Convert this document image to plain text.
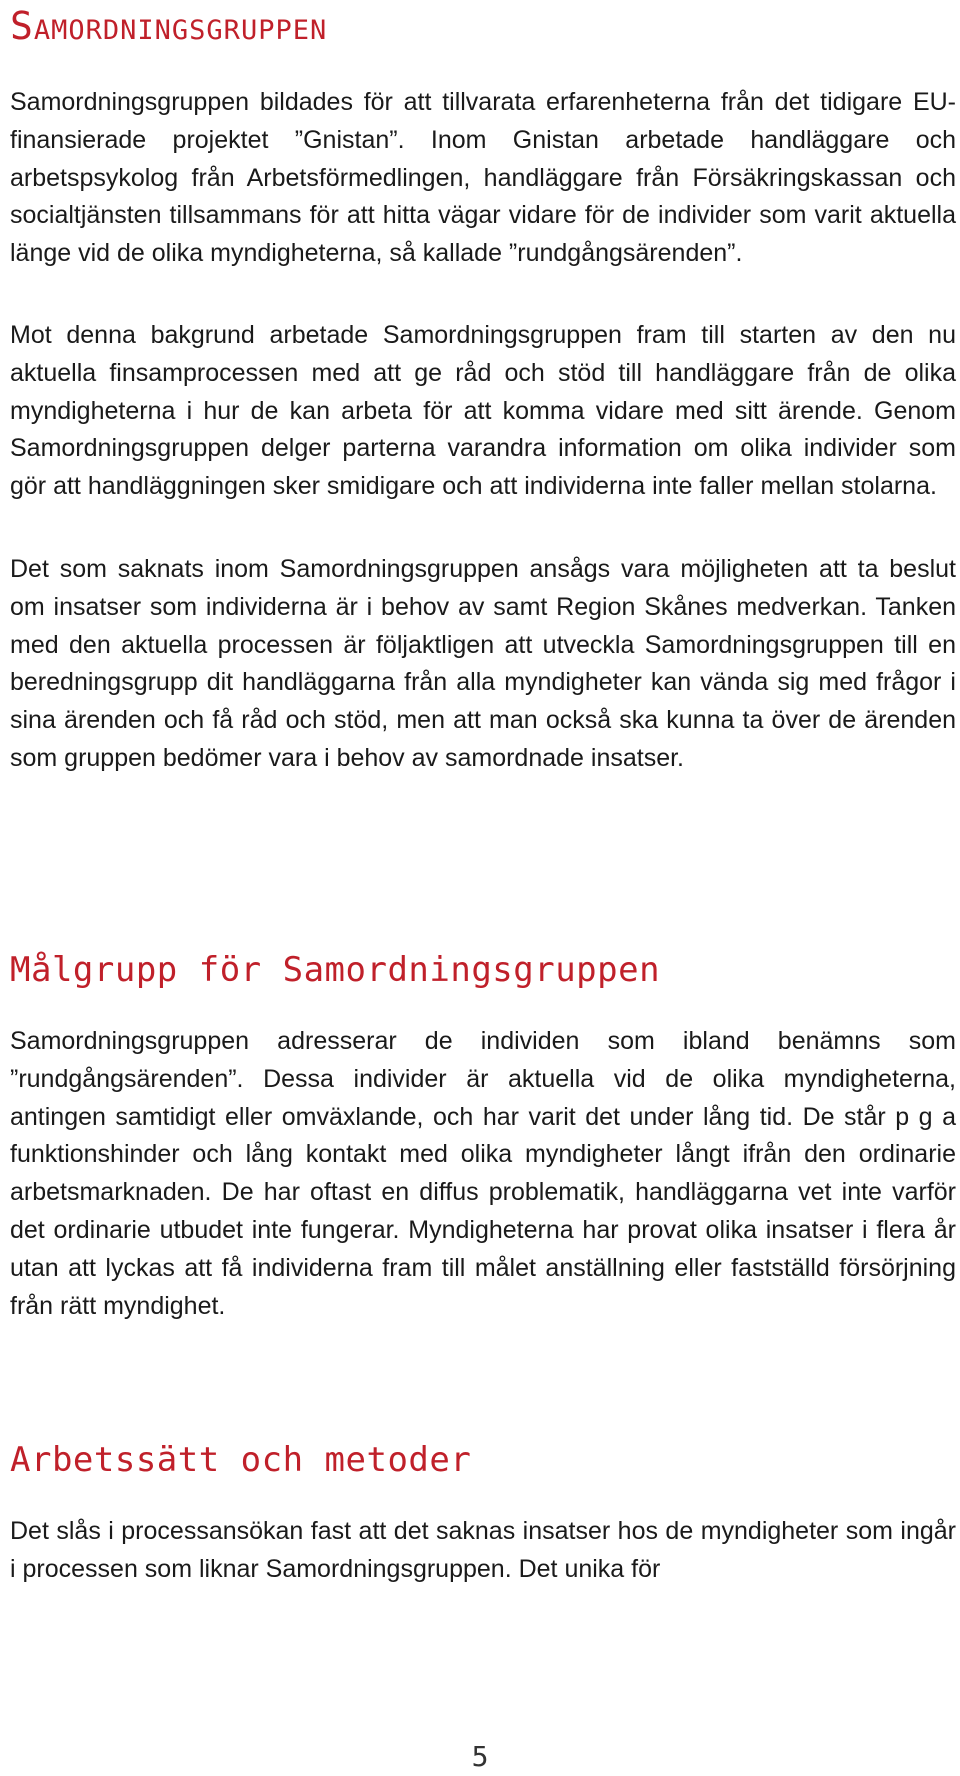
Samordningsgruppen

Samordningsgruppen bildades för att tillvarata erfarenheterna från det tidigare EU-finansierade projektet ”Gnistan”. Inom Gnistan arbetade handläggare och arbetspsykolog från Arbetsförmedlingen, handläggare från Försäkringskassan och socialtjänsten tillsammans för att hitta vägar vidare för de individer som varit aktuella länge vid de olika myndigheterna, så kallade ”rundgångsärenden”.

Mot denna bakgrund arbetade Samordningsgruppen fram till starten av den nu aktuella finsamprocessen med att ge råd och stöd till handläggare från de olika myndigheterna i hur de kan arbeta för att komma vidare med sitt ärende. Genom Samordningsgruppen delger parterna varandra information om olika individer som gör att handläggningen sker smidigare och att individerna inte faller mellan stolarna.

Det som saknats inom Samordningsgruppen ansågs vara möjligheten att ta beslut om insatser som individerna är i behov av samt Region Skånes medverkan. Tanken med den aktuella processen är följaktligen att utveckla Samordningsgruppen till en beredningsgrupp dit handläggarna från alla myndigheter kan vända sig med frågor i sina ärenden och få råd och stöd, men att man också ska kunna ta över de ärenden som gruppen bedömer vara i behov av samordnade insatser.

Målgrupp för Samordningsgruppen

Samordningsgruppen adresserar de individen som ibland benämns som ”rundgångsärenden”. Dessa individer är aktuella vid de olika myndigheterna, antingen samtidigt eller omväxlande, och har varit det under lång tid. De står p g a funktionshinder och lång kontakt med olika myndigheter långt ifrån den ordinarie arbetsmarknaden. De har oftast en diffus problematik, handläggarna vet inte varför det ordinarie utbudet inte fungerar. Myndigheterna har provat olika insatser i flera år utan att lyckas att få individerna fram till målet anställning eller fastställd försörjning från rätt myndighet.

Arbetssätt och metoder

Det slås i processansökan fast att det saknas insatser hos de myndigheter som ingår i processen som liknar Samordningsgruppen. Det unika för

5
